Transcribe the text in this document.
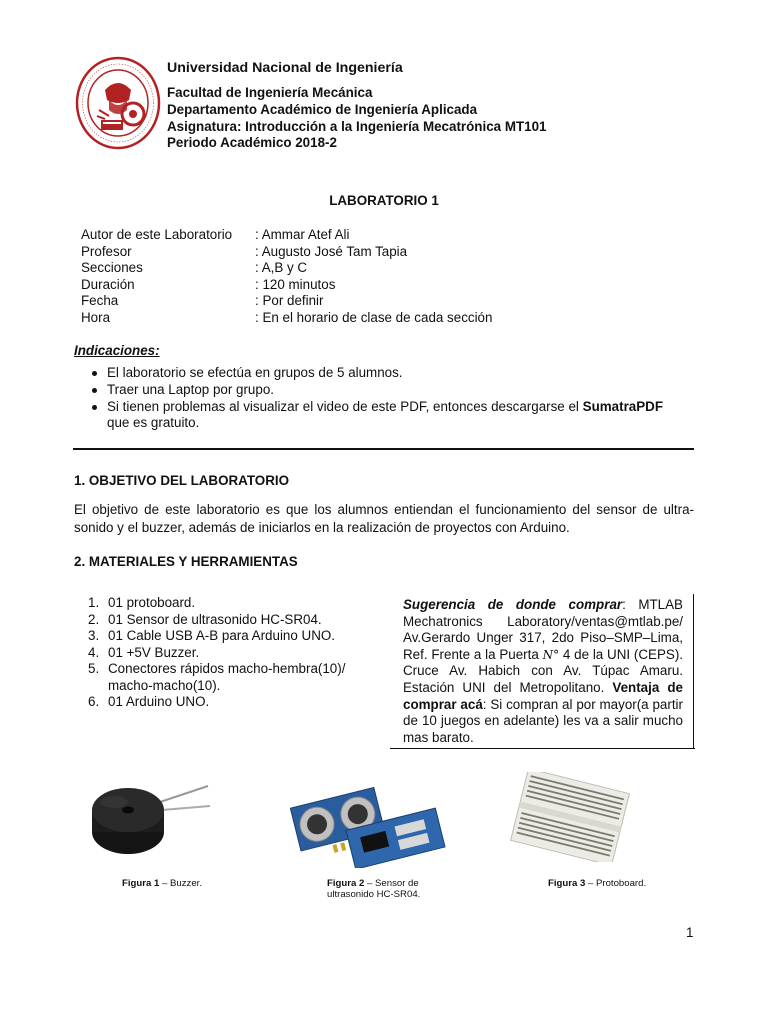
Universidad Nacional de Ingeniería
Facultad de Ingeniería Mecánica
Departamento Académico de Ingeniería Aplicada
Asignatura: Introducción a la Ingeniería Mecatrónica MT101
Periodo Académico 2018-2
LABORATORIO 1
Autor de este Laboratorio : Ammar Atef Ali
Profesor	: Augusto José Tam Tapia
Secciones	: A,B y C
Duración	: 120 minutos
Fecha	: Por definir
Hora	: En el horario de clase de cada sección
Indicaciones:
El laboratorio se efectúa en grupos de 5 alumnos.
Traer una Laptop por grupo.
Si tienen problemas al visualizar el video de este PDF, entonces descargarse el SumatraPDF
que es gratuito.
1. OBJETIVO DEL LABORATORIO
El objetivo de este laboratorio es que los alumnos entiendan el funcionamiento del sensor de ultra-sonido y el buzzer, además de iniciarlos en la realización de proyectos con Arduino.
2. MATERIALES Y HERRAMIENTAS
1. 01 protoboard.
2. 01 Sensor de ultrasonido HC-SR04.
3. 01 Cable USB A-B para Arduino UNO.
4. 01 +5V Buzzer.
5. Conectores rápidos macho-hembra(10)/
macho-macho(10).
6. 01 Arduino UNO.
Sugerencia de donde comprar: MTLAB Mechatronics Laboratory/ventas@mtlab.pe/ Av.Gerardo Unger 317, 2do Piso–SMP–Lima, Ref. Frente a la Puerta N° 4 de la UNI (CEPS). Cruce Av. Habich con Av. Túpac Amaru. Estación UNI del Metropolitano. Ventaja de comprar acá: Si compran al por mayor(a partir de 10 juegos en adelante) les va a salir mucho mas barato.
Figura 1 – Buzzer.	Figura 2 – Sensor de ultrasonido HC-SR04.
Figura 3 – Protoboard.
1
